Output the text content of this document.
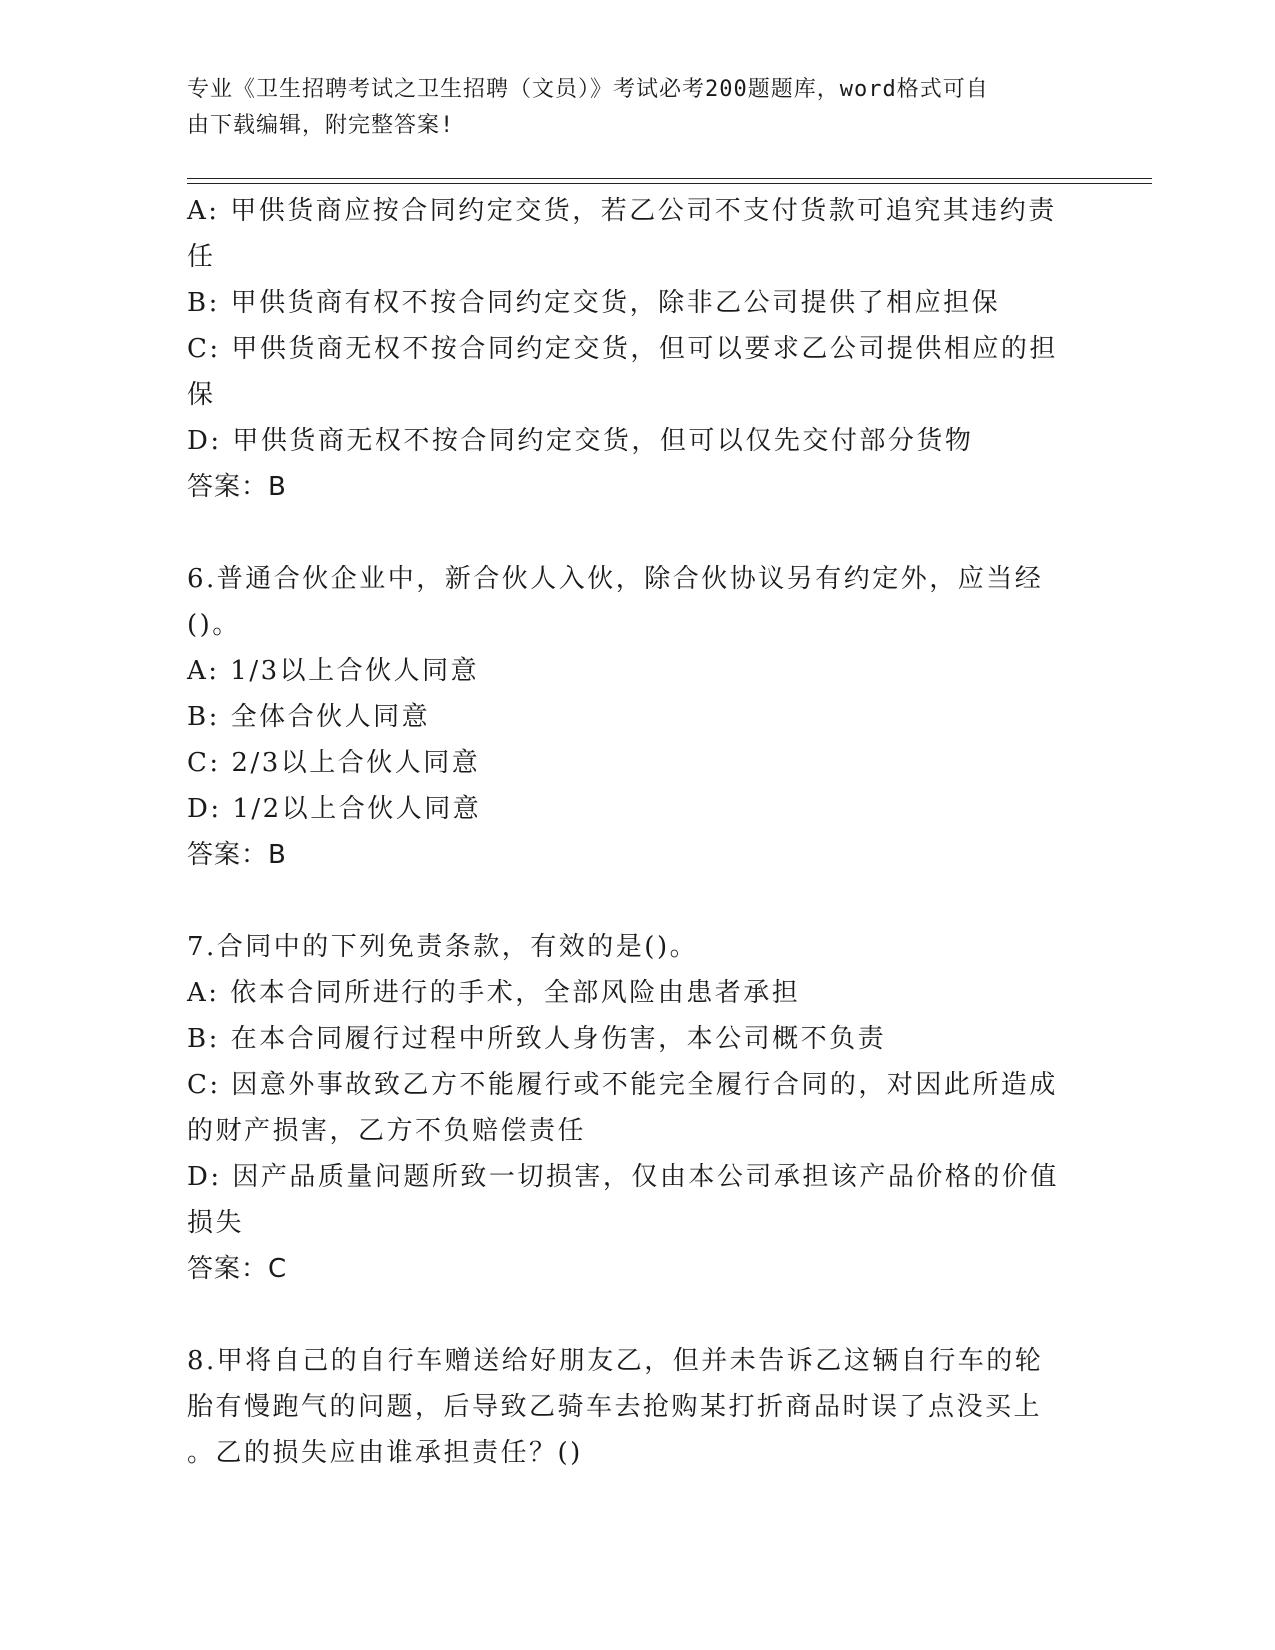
专业《卫生招聘考试之卫生招聘（文员）》考试必考200题题库，word格式可自
由下载编辑，附完整答案!
A: 甲供货商应按合同约定交货，若乙公司不支付货款可追究其违约责
任
B: 甲供货商有权不按合同约定交货，除非乙公司提供了相应担保
C: 甲供货商无权不按合同约定交货，但可以要求乙公司提供相应的担
保
D: 甲供货商无权不按合同约定交货，但可以仅先交付部分货物
答案：B
6.普通合伙企业中，新合伙人入伙，除合伙协议另有约定外，应当经
()。
A: 1/3以上合伙人同意
B: 全体合伙人同意
C: 2/3以上合伙人同意
D: 1/2以上合伙人同意
答案：B
7.合同中的下列免责条款，有效的是()。
A: 依本合同所进行的手术，全部风险由患者承担
B: 在本合同履行过程中所致人身伤害，本公司概不负责
C: 因意外事故致乙方不能履行或不能完全履行合同的，对因此所造成
的财产损害，乙方不负赔偿责任
D: 因产品质量问题所致一切损害，仅由本公司承担该产品价格的价值
损失
答案：C
8.甲将自己的自行车赠送给好朋友乙，但并未告诉乙这辆自行车的轮
胎有慢跑气的问题，后导致乙骑车去抢购某打折商品时误了点没买上
。乙的损失应由谁承担责任？()
